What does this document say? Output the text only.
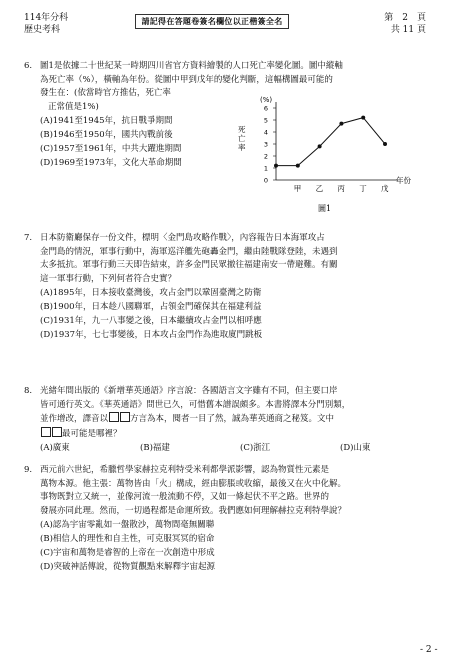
114年分科
歷史考科
請記得在答題卷簽名欄位以正楷簽全名	第　2　頁
共 11 頁
6. 圖1是依據二十世紀某一時期四川省官方資料繪製的人口死亡率變化圖。圖中縱軸
為死亡率（%），橫軸為年份。從圖中甲到戊年的變化判斷，這幅構圖最可能的
發生在：(依當時官方推估，死亡率
正常值是1%)
(A)1941至1945年，抗日戰爭期間
(B)1946至1950年，國共內戰前後
(C)1957至1961年，中共大躍進期間
(D)1969至1973年，文化大革命期間
(%)
死
亡
率
0
1
2
3
4
5
6
甲 乙 丙 丁 戊
年份
圖1
7. 日本防衛廳保存一份文件，標明〈金門島攻略作戰〉，內容報告日本海軍攻占
金門島的情況，軍事行動中，海軍巡洋艦先砲轟金門，繼由陸戰隊登陸，未遇到
太多抵抗。軍事行動三天即告結束，許多金門民眾撤往福建南安一帶避難。有關
這一軍事行動，下列何者符合史實？
(A)1895年，日本接收臺灣後，攻占金門以鞏固臺灣之防衛
(B)1900年，日本趁八國聯軍，占領金門確保其在福建利益
(C)1931年，九一八事變之後，日本繼續攻占金門以相呼應
(D)1937年，七七事變後，日本攻占金門作為進取廈門跳板
8. 光緒年間出版的《新增華英通語》序言說：各國語言文字雖有不同，但主要口岸
皆可通行英文。《華英通語》問世已久，可惜舊本譜誤頗多。本書將譯本分門別類，
並作增改，譯音以	方言為本，閱者一目了然，誠為華英通商之秘笈。文中
最可能是哪裡？
(A)廣東	(B)福建	(C)浙江	(D)山東
9. 西元前六世紀，希臘哲學家赫拉克利特受米利都學派影響，認為物質性元素是
萬物本源。他主張：萬物皆由「火」構成，經由膨脹或收縮，最後又在火中化解。
事物既對立又統一，並像河流一般流動不停，又如一條起伏不平之路。世界的
發展亦同此理。然而，一切過程都是命運所致。我們應如何理解赫拉克利特學說？
(A)認為宇宙零亂如一盤散沙，萬物間毫無關聯
(B)相信人的理性和自主性，可克服冥冥的宿命
(C)宇宙和萬物是睿智的上帝在一次創造中形成
(D)突破神話傳說，從物質觀點來解釋宇宙起源
- 2 -
